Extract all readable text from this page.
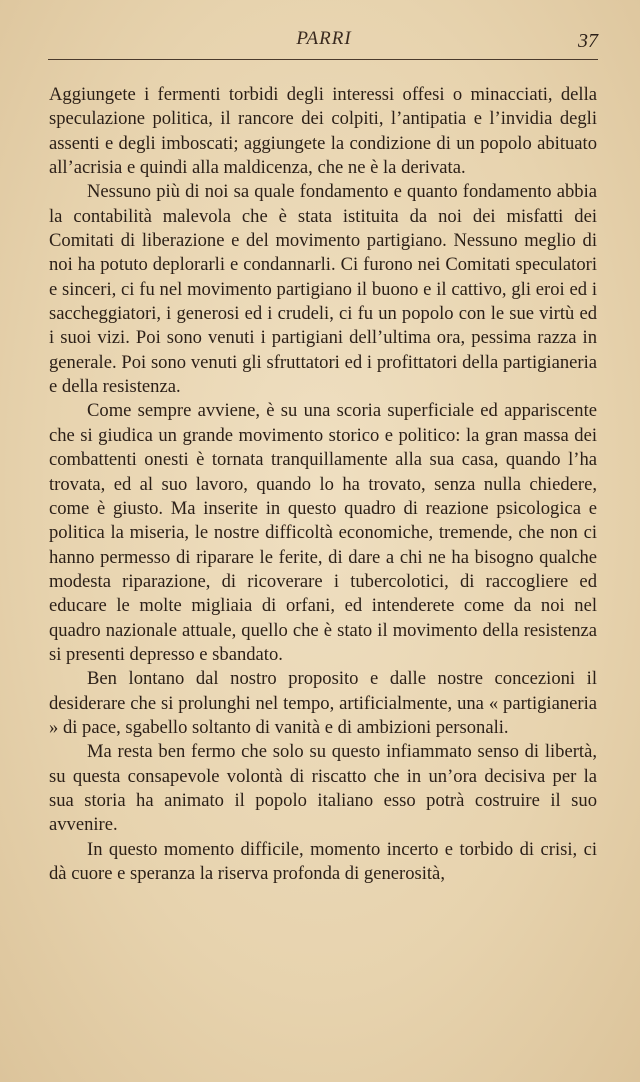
PARRI	37

Aggiungete i fermenti torbidi degli interessi offesi o minacciati, della speculazione politica, il rancore dei colpiti, l’antipatia e l’invidia degli assenti e degli imboscati; aggiungete la condizione di un popolo abituato all’acrisia e quindi alla maldicenza, che ne è la derivata.

Nessuno più di noi sa quale fondamento e quanto fondamento abbia la contabilità malevola che è stata istituita da noi dei misfatti dei Comitati di liberazione e del movimento partigiano. Nessuno meglio di noi ha potuto deplorarli e condannarli. Ci furono nei Comitati speculatori e sinceri, ci fu nel movimento partigiano il buono e il cattivo, gli eroi ed i saccheggiatori, i generosi ed i crudeli, ci fu un popolo con le sue virtù ed i suoi vizi. Poi sono venuti i partigiani dell’ultima ora, pessima razza in generale. Poi sono venuti gli sfruttatori ed i profittatori della partigianeria e della resistenza.

Come sempre avviene, è su una scoria superficiale ed appariscente che si giudica un grande movimento storico e politico: la gran massa dei combattenti onesti è tornata tranquillamente alla sua casa, quando l’ha trovata, ed al suo lavoro, quando lo ha trovato, senza nulla chiedere, come è giusto. Ma inserite in questo quadro di reazione psicologica e politica la miseria, le nostre difficoltà economiche, tremende, che non ci hanno permesso di riparare le ferite, di dare a chi ne ha bisogno qualche modesta riparazione, di ricoverare i tubercolotici, di raccogliere ed educare le molte migliaia di orfani, ed intenderete come da noi nel quadro nazionale attuale, quello che è stato il movimento della resistenza si presenti depresso e sbandato.

Ben lontano dal nostro proposito e dalle nostre concezioni il desiderare che si prolunghi nel tempo, artificialmente, una « partigianeria » di pace, sgabello soltanto di vanità e di ambizioni personali.

Ma resta ben fermo che solo su questo infiammato senso di libertà, su questa consapevole volontà di riscatto che in un’ora decisiva per la sua storia ha animato il popolo italiano esso potrà costruire il suo avvenire.

In questo momento difficile, momento incerto e torbido di crisi, ci dà cuore e speranza la riserva profonda di generosità,
